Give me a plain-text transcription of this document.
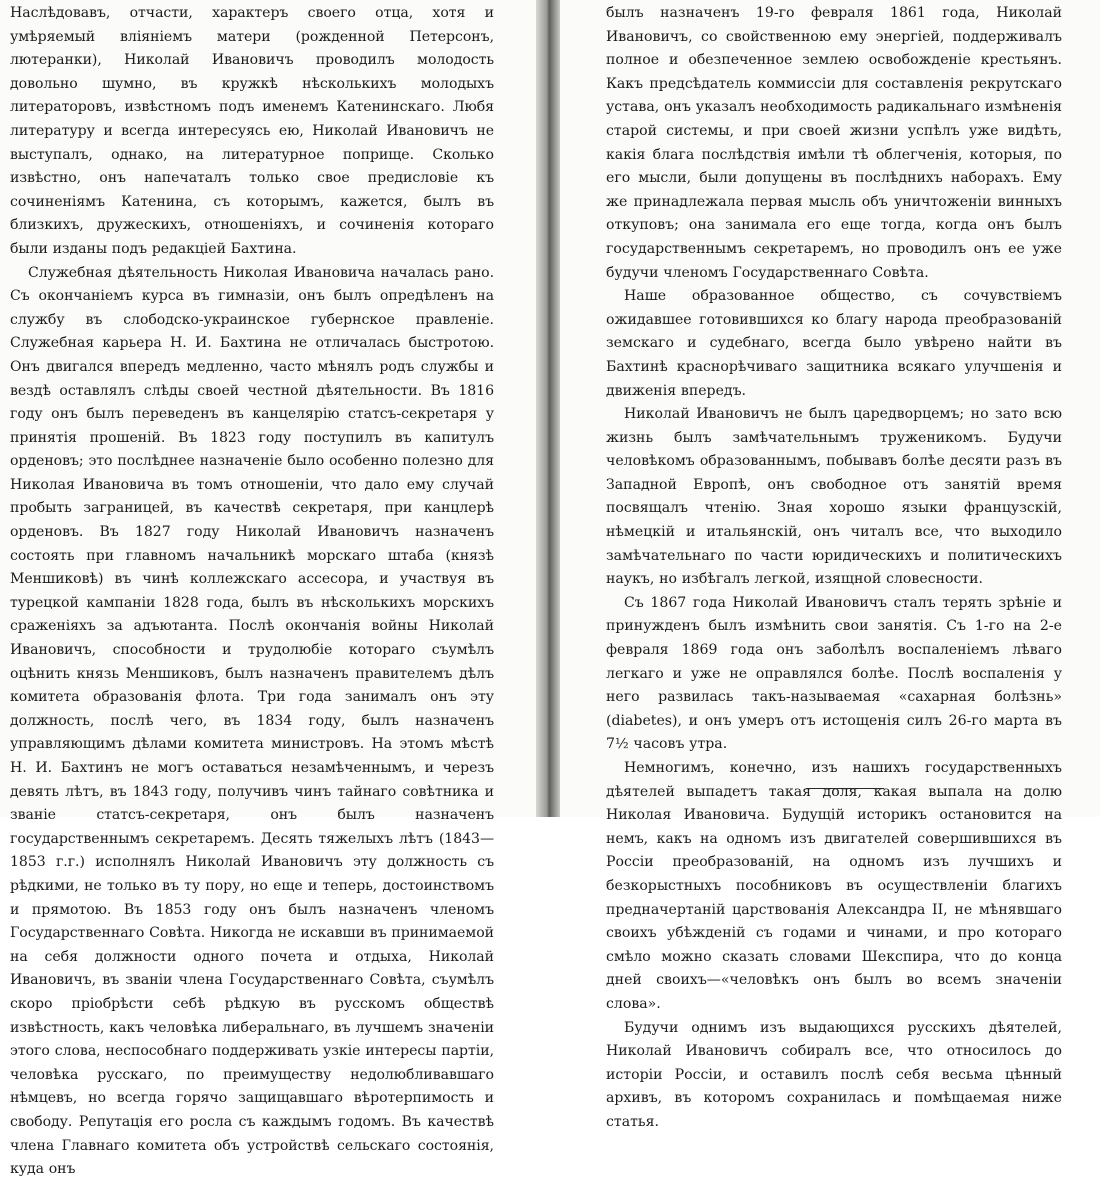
Наслѣдовавъ, отчасти, характеръ своего отца, хотя и умѣряемый вліяніемъ матери (рожденной Петерсонъ, лютеранки), Николай Ивановичъ проводилъ молодость довольно шумно, въ кружкѣ нѣсколькихъ молодыхъ литераторовъ, извѣстномъ подъ именемъ Катенинскаго. Любя литературу и всегда интересуясь ею, Николай Ивановичъ не выступалъ, однако, на литературное поприще. Сколько извѣстно, онъ напечаталъ только свое предисловіе къ сочиненіямъ Катенина, съ которымъ, кажется, былъ въ близкихъ, дружескихъ, отношеніяхъ, и сочиненія котораго были изданы подъ редакціей Бахтина.

Служебная дѣятельность Николая Ивановича началась рано. Съ окончаніемъ курса въ гимназіи, онъ былъ опредѣленъ на службу въ слободско-украинское губернское правленіе. Служебная карьера Н. И. Бахтина не отличалась быстротою. Онъ двигался впередъ медленно, часто мѣнялъ родъ службы и вездѣ оставлялъ слѣды своей честной дѣятельности. Въ 1816 году онъ былъ переведенъ въ канцелярію статсъ-секретаря у принятія прошеній. Въ 1823 году поступилъ въ капитулъ орденовъ; это послѣднее назначеніе было особенно полезно для Николая Ивановича въ томъ отношеніи, что дало ему случай пробыть заграницей, въ качествѣ секретаря, при канцлерѣ орденовъ. Въ 1827 году Николай Ивановичъ назначенъ состоять при главномъ начальникѣ морскаго штаба (князѣ Меншиковѣ) въ чинѣ коллежскаго ассесора, и участвуя въ турецкой кампаніи 1828 года, былъ въ нѣсколькихъ морскихъ сраженіяхъ за адъютанта. Послѣ окончанія войны Николай Ивановичъ, способности и трудолюбіе котораго съумѣлъ оцѣнить князь Меншиковъ, былъ назначенъ правителемъ дѣлъ комитета образованія флота. Три года занималъ онъ эту должность, послѣ чего, въ 1834 году, былъ назначенъ управляющимъ дѣлами комитета министровъ. На этомъ мѣстѣ Н. И. Бахтинъ не могъ оставаться незамѣченнымъ, и черезъ девять лѣтъ, въ 1843 году, получивъ чинъ тайнаго совѣтника и званіе статсъ-секретаря, онъ былъ назначенъ государственнымъ секретаремъ. Десять тяжелыхъ лѣтъ (1843—1853 г.г.) исполнялъ Николай Ивановичъ эту должность съ рѣдкими, не только въ ту пору, но еще и теперь, достоинствомъ и прямотою. Въ 1853 году онъ былъ назначенъ членомъ Государственнаго Совѣта. Никогда не искавши въ принимаемой на себя должности одного почета и отдыха, Николай Ивановичъ, въ званіи члена Государственнаго Совѣта, съумѣлъ скоро пріобрѣсти себѣ рѣдкую въ русскомъ обществѣ извѣстность, какъ человѣка либеральнаго, въ лучшемъ значеніи этого слова, неспособнаго поддерживать узкіе интересы партіи, человѣка русскаго, по преимуществу недолюбливавшаго нѣмцевъ, но всегда горячо защищавшаго вѣротерпимость и свободу. Репутація его росла съ каждымъ годомъ. Въ качествѣ члена Главнаго комитета объ устройствѣ сельскаго состоянія, куда онъ

былъ назначенъ 19-го февраля 1861 года, Николай Ивановичъ, со свойственною ему энергіей, поддерживалъ полное и обезпеченное землею освобожденіе крестьянъ. Какъ предсѣдатель коммиссіи для составленія рекрутскаго устава, онъ указалъ необходимость радикальнаго измѣненія старой системы, и при своей жизни успѣлъ уже видѣть, какія блага послѣдствія имѣли тѣ облегченія, которыя, по его мысли, были допущены въ послѣднихъ наборахъ. Ему же принадлежала первая мысль объ уничтоженіи винныхъ откуповъ; она занимала его еще тогда, когда онъ былъ государственнымъ секретаремъ, но проводилъ онъ ее уже будучи членомъ Государственнаго Совѣта.

Наше образованное общество, съ сочувствіемъ ожидавшее готовившихся ко благу народа преобразованій земскаго и судебнаго, всегда было увѣрено найти въ Бахтинѣ краснорѣчиваго защитника всякаго улучшенія и движенія впередъ.

Николай Ивановичъ не былъ царедворцемъ; но зато всю жизнь былъ замѣчательнымъ труженикомъ. Будучи человѣкомъ образованнымъ, побывавъ болѣе десяти разъ въ Западной Европѣ, онъ свободное отъ занятій время посвящалъ чтенію. Зная хорошо языки французскій, нѣмецкій и итальянскій, онъ читалъ все, что выходило замѣчательнаго по части юридическихъ и политическихъ наукъ, но избѣгалъ легкой, изящной словесности.

Съ 1867 года Николай Ивановичъ сталъ терять зрѣніе и принужденъ былъ измѣнить свои занятія. Съ 1-го на 2-е февраля 1869 года онъ заболѣлъ воспаленіемъ лѣваго легкаго и уже не оправлялся болѣе. Послѣ воспаленія у него развилась такъ-называемая «сахарная болѣзнь» (diabetes), и онъ умеръ отъ истощенія силъ 26-го марта въ 7½ часовъ утра.

Немногимъ, конечно, изъ нашихъ государственныхъ дѣятелей выпадетъ такая доля, какая выпала на долю Николая Ивановича. Будущій историкъ остановится на немъ, какъ на одномъ изъ двигателей совершившихся въ Россіи преобразованій, на одномъ изъ лучшихъ и безкорыстныхъ пособниковъ въ осуществленіи благихъ предначертаній царствованія Александра II, не мѣнявшаго своихъ убѣжденій съ годами и чинами, и про котораго смѣло можно сказать словами Шекспира, что до конца дней своихъ—«человѣкъ онъ былъ во всемъ значеніи слова».

Будучи однимъ изъ выдающихся русскихъ дѣятелей, Николай Ивановичъ собиралъ все, что относилось до исторіи Россіи, и оставилъ послѣ себя весьма цѣнный архивъ, въ которомъ сохранилась и помѣщаемая ниже статья.
